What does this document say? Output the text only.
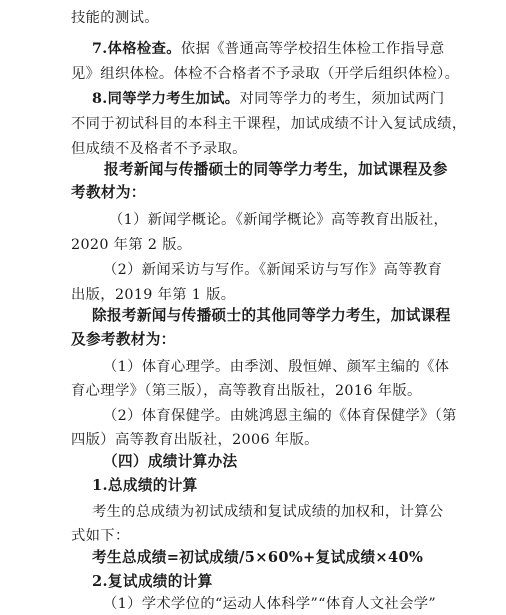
技能的测试。
7.体格检查。依据《普通高等学校招生体检工作指导意
见》组织体检。体检不合格者不予录取（开学后组织体检）。
8.同等学力考生加试。对同等学力的考生，须加试两门
不同于初试科目的本科主干课程，加试成绩不计入复试成绩，
但成绩不及格者不予录取。
报考新闻与传播硕士的同等学力考生，加试课程及参
考教材为：
（1）新闻学概论。《新闻学概论》高等教育出版社，
2020 年第 2 版。
（2）新闻采访与写作。《新闻采访与写作》高等教育
出版，2019 年第 1 版。
除报考新闻与传播硕士的其他同等学力考生，加试课程
及参考教材为：
（1）体育心理学。由季浏、殷恒婵、颜军主编的《体
育心理学》（第三版），高等教育出版社，2016 年版。
（2）体育保健学。由姚鸿恩主编的《体育保健学》（第
四版）高等教育出版社，2006 年版。
（四）成绩计算办法
1.总成绩的计算
考生的总成绩为初试成绩和复试成绩的加权和，计算公
式如下：
考生总成绩=初试成绩/5×60%+复试成绩×40%
2.复试成绩的计算
（1）学术学位的“运动人体科学”“体育人文社会学”
